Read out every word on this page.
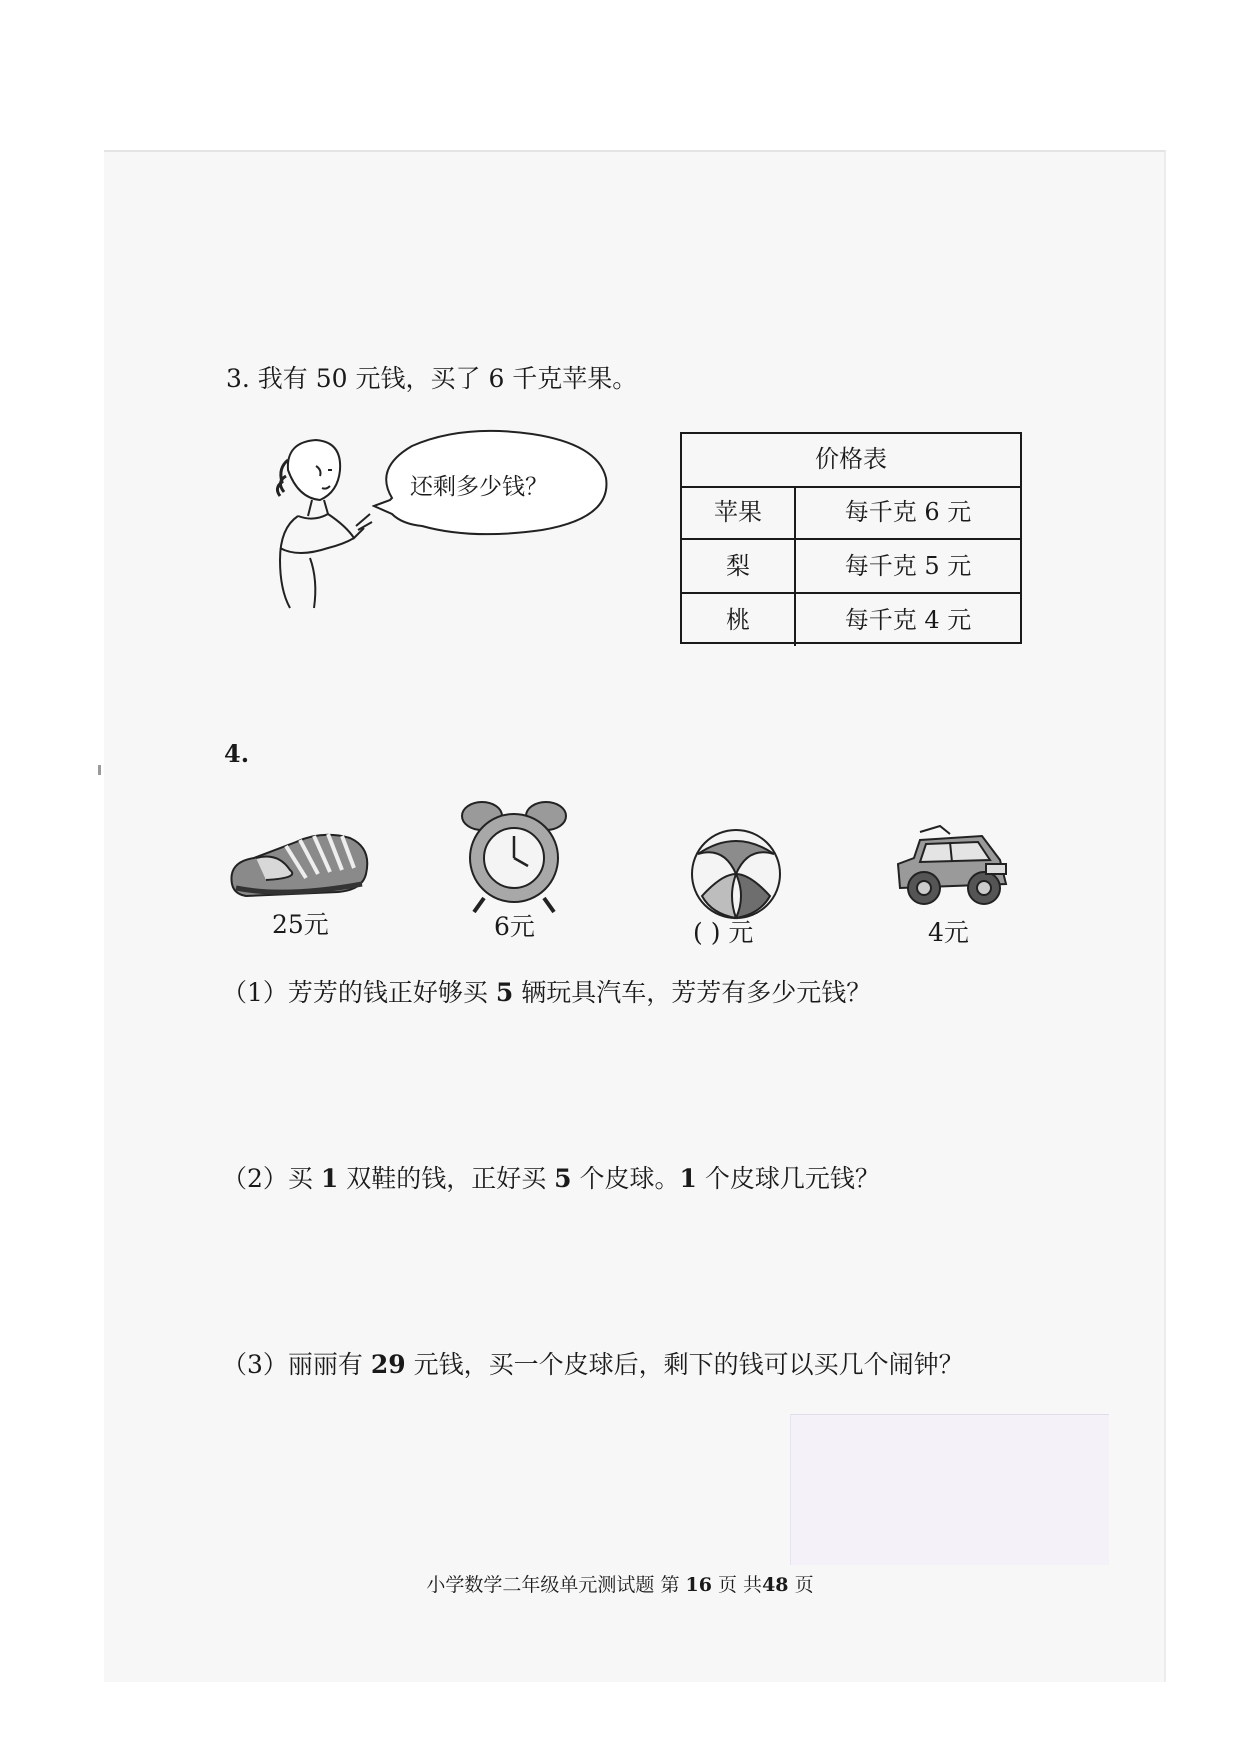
3. 我有 50 元钱，买了 6 千克苹果。
还剩多少钱？
价格表
苹果	每千克 6 元
梨	每千克 5 元
桃	每千克 4 元
4.
25元	6元	( ) 元	4元
（1）芳芳的钱正好够买 5 辆玩具汽车，芳芳有多少元钱？
（2）买 1 双鞋的钱，正好买 5 个皮球。1 个皮球几元钱？
（3）丽丽有 29 元钱，买一个皮球后，剩下的钱可以买几个闹钟？
小学数学二年级单元测试题 第 16 页 共48 页
